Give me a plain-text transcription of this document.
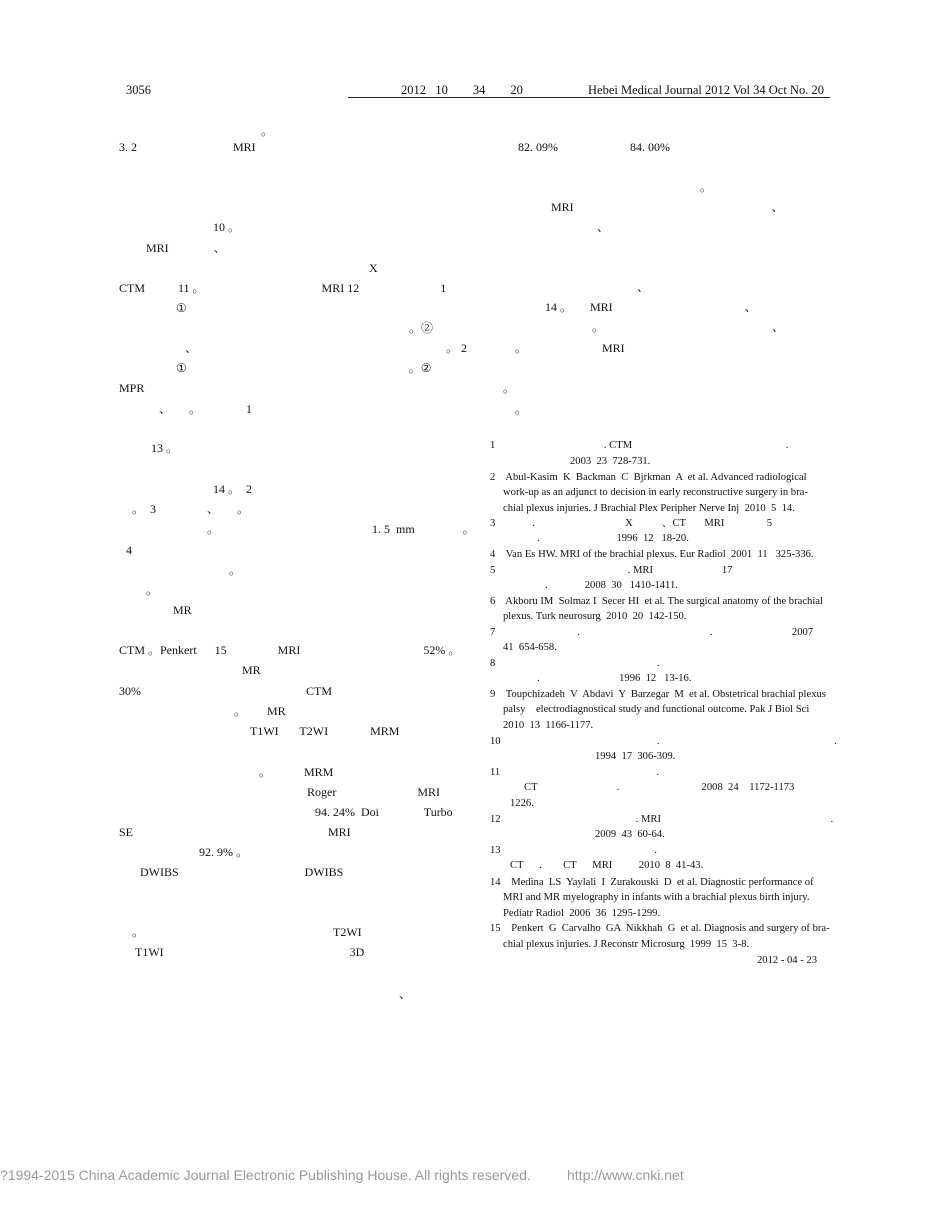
3056	2012   10        34        20	Hebei Medical Journal 2012 Vol 34 Oct No. 20
。
3. 2                                MRI
10 。
MRI               、
X
CTM           11 。                                       MRI 12                           1
①
。②
、                                                                                   。 2
①                                                                          。②
MPR
、      。               1
13 。
14 。  2
。  3                 、      。
。                                                   1. 5  mm                。
4
。
。
MR
CTM 。Penkert      15                 MRI                                         52% 。
MR
30%                                                       CTM
。       MR
T1WI       T2WI              MRM
。           MRM
Roger                           MRI
94. 24%  Doi               Turbo
SE                                                                 MRI
92. 9% 。
DWIBS                                          DWIBS
。                                                               T2WI
T1WI                                                              3D
、
82. 09%                        84. 00%
。
MRI                                                                  、
、
、
14 。      MRI                                            、
。                                                        、
。                         MRI
。
。
1                                         . CTM                                                          .
2003  23  728-731.
2    Abul-Kasim  K  Backman  C  Bjrkman  A  et al. Advanced radiological
work-up as an adjunct to decision in early reconstructive surgery in bra-
chial plexus injuries. J Brachial Plex Peripher Nerve Inj  2010  5  14.
3              .                                  X           、CT       MRI                5
.                             1996  12   18-20.
4    Van Es HW. MRI of the brachial plexus. Eur Radiol  2001  11   325-336.
5                                                  . MRI                          17
.              2008  30   1410-1411.
6    Akboru IM  Solmaz I  Secer HI  et al. The surgical anatomy of the brachial
plexus. Turk neurosurg  2010  20  142-150.
7                               .                                                 .                              2007
41  654-658.
8                                                             .
.                              1996  12   13-16.
9    Toupchizadeh  V  Abdavi  Y  Barzegar  M  et al. Obstetrical brachial plexus
palsy    electrodiagnostical study and functional outcome. Pak J Biol Sci
2010  13  1166-1177.
10                                                           .                                                                  .
1994  17  306-309.
11                                                           .
CT                              .                               2008  24    1172-1173
1226.
12                                                   . MRI                                                                .
2009  43  60-64.
13                                                          .
CT      .        CT      MRI          2010  8  41-43.
14    Medina  LS  Yaylali  I  Zurakouski  D  et al. Diagnostic performance of
MRI and MR myelography in infants with a brachial plexus birth injury.
Pediatr Radiol  2006  36  1295-1299.
15    Penkert  G  Carvalho  GA  Nikkhah  G  et al. Diagnosis and surgery of bra-
chial plexus injuries. J Reconstr Microsurg  1999  15  3-8.
2012 - 04 - 23
?1994-2015 China Academic Journal Electronic Publishing House. All rights reserved.	http://www.cnki.net
